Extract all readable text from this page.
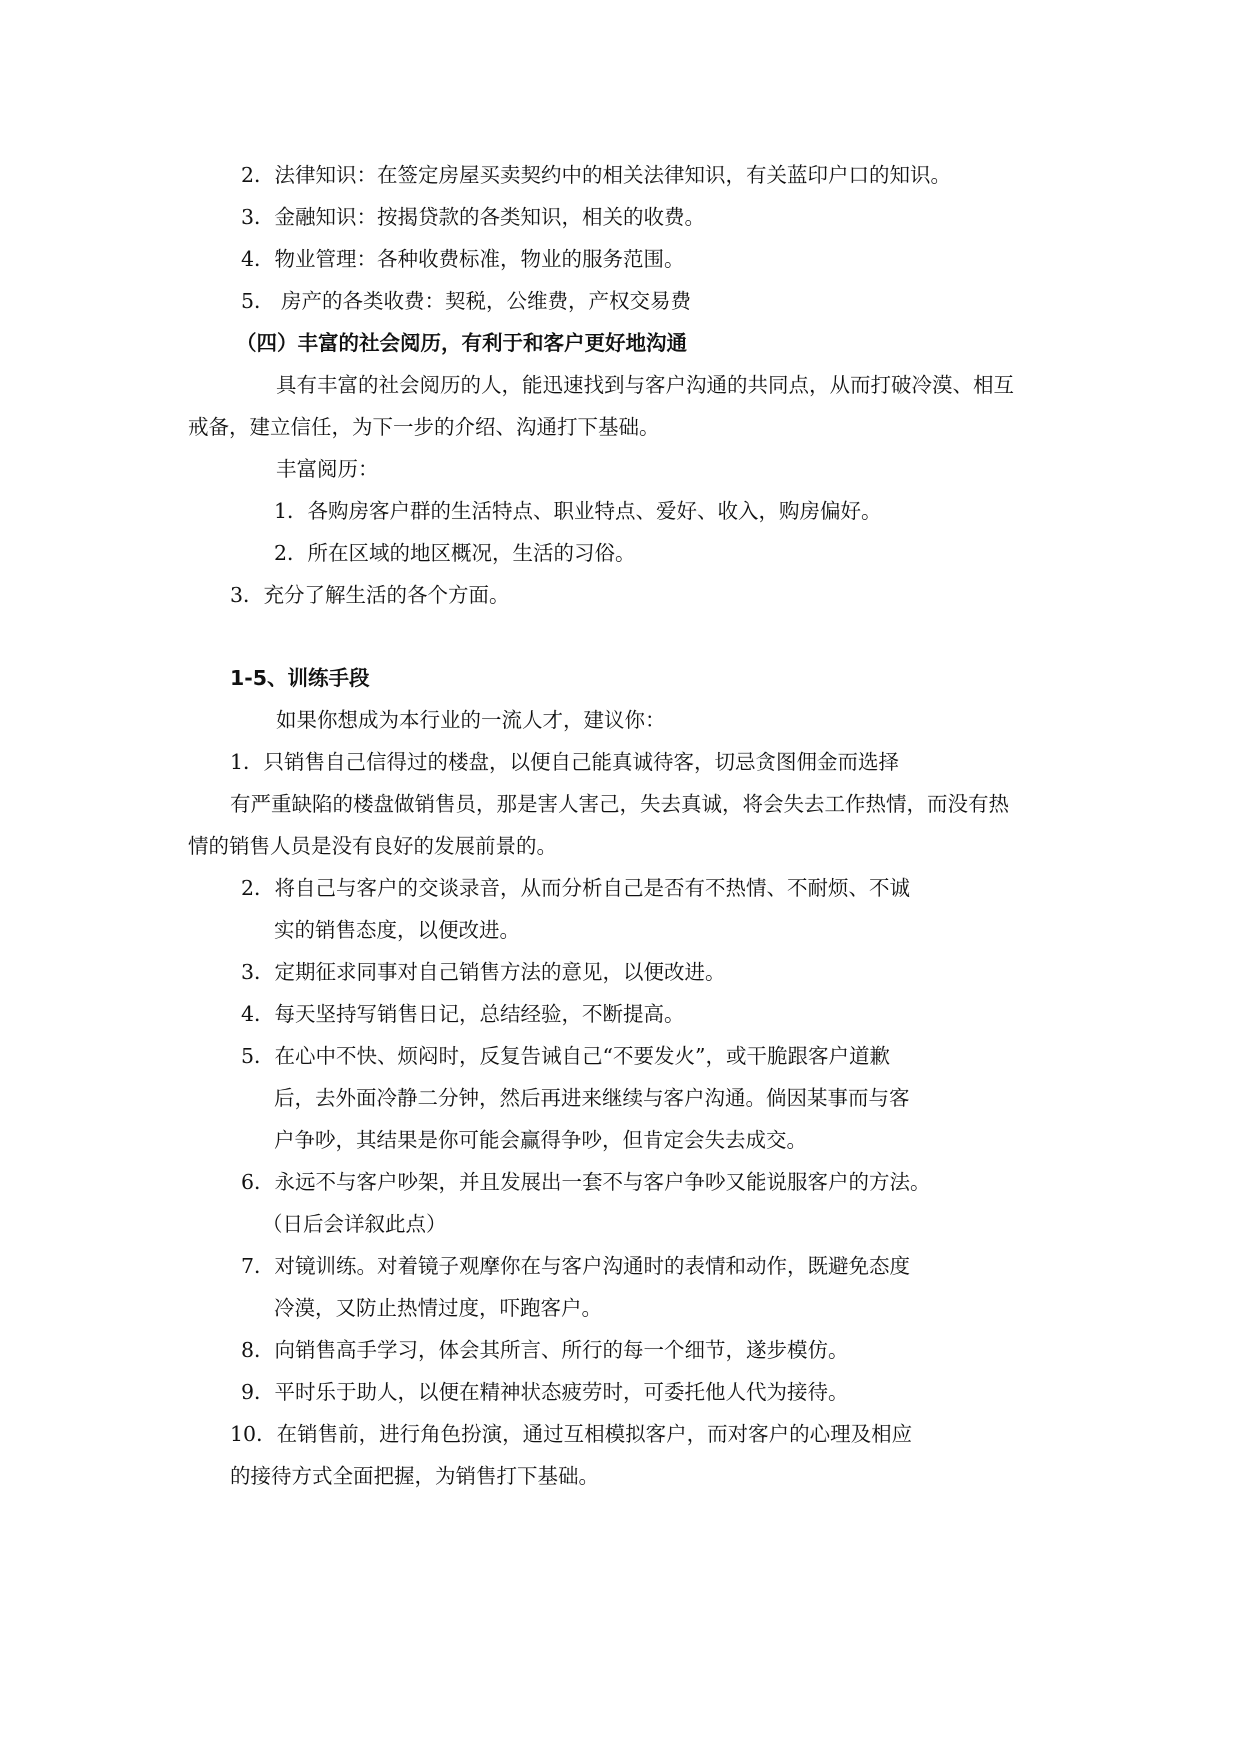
2．法律知识：在签定房屋买卖契约中的相关法律知识，有关蓝印户口的知识。
3．金融知识：按揭贷款的各类知识，相关的收费。
4．物业管理：各种收费标准，物业的服务范围。
5． 房产的各类收费：契税，公维费，产权交易费
（四）丰富的社会阅历，有利于和客户更好地沟通
具有丰富的社会阅历的人，能迅速找到与客户沟通的共同点，从而打破冷漠、相互
戒备，建立信任，为下一步的介绍、沟通打下基础。
丰富阅历：
1．各购房客户群的生活特点、职业特点、爱好、收入，购房偏好。
2．所在区域的地区概况，生活的习俗。
3．充分了解生活的各个方面。
1-5、训练手段
如果你想成为本行业的一流人才，建议你：
1．只销售自己信得过的楼盘，以便自己能真诚待客，切忌贪图佣金而选择
有严重缺陷的楼盘做销售员，那是害人害己，失去真诚，将会失去工作热情，而没有热
情的销售人员是没有良好的发展前景的。
2．将自己与客户的交谈录音，从而分析自己是否有不热情、不耐烦、不诚
实的销售态度，以便改进。
3．定期征求同事对自己销售方法的意见，以便改进。
4．每天坚持写销售日记，总结经验，不断提高。
5．在心中不快、烦闷时，反复告诫自己“不要发火”，或干脆跟客户道歉
后，去外面冷静二分钟，然后再进来继续与客户沟通。倘因某事而与客
户争吵，其结果是你可能会赢得争吵，但肯定会失去成交。
6．永远不与客户吵架，并且发展出一套不与客户争吵又能说服客户的方法。
（日后会详叙此点）
7．对镜训练。对着镜子观摩你在与客户沟通时的表情和动作，既避免态度
冷漠，又防止热情过度，吓跑客户。
8．向销售高手学习，体会其所言、所行的每一个细节，遂步模仿。
9．平时乐于助人，以便在精神状态疲劳时，可委托他人代为接待。
10．在销售前，进行角色扮演，通过互相模拟客户，而对客户的心理及相应
的接待方式全面把握，为销售打下基础。
